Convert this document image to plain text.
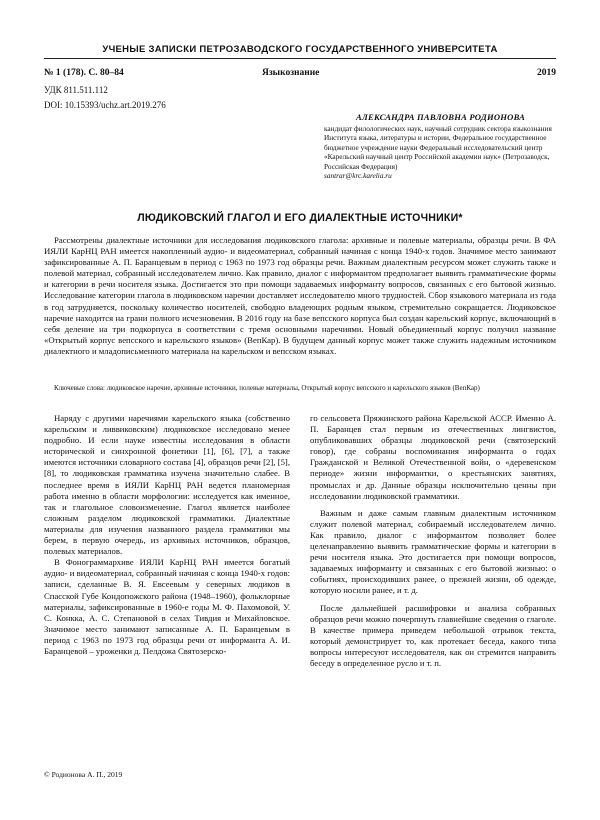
УЧЕНЫЕ ЗАПИСКИ ПЕТРОЗАВОДСКОГО ГОСУДАРСТВЕННОГО УНИВЕРСИТЕТА
№ 1 (178). С. 80–84	Языкознание	2019
УДК 811.511.112
DOI: 10.15393/uchz.art.2019.276
АЛЕКСАНДРА ПАВЛОВНА РОДИОНОВА
кандидат филологических наук, научный сотрудник сектора языкознания Института языка, литературы и истории, Федеральное государственное бюджетное учреждение науки Федеральный исследовательский центр «Карельский научный центр Российской академии наук» (Петрозаводск, Российская Федерация)
santrar@krc.karelia.ru
ЛЮДИКОВСКИЙ ГЛАГОЛ И ЕГО ДИАЛЕКТНЫЕ ИСТОЧНИКИ*
Рассмотрены диалектные источники для исследования людиковского глагола: архивные и полевые материалы, образцы речи. В ФА ИЯЛИ КарНЦ РАН имеется накопленный аудио- и видеоматериал, собранный начиная с конца 1940-х годов. Значимое место занимают зафиксированные А. П. Баранцевым в период с 1963 по 1973 год образцы речи. Важным диалектным ресурсом может служить также и полевой материал, собранный исследователем лично. Как правило, диалог с информантом предполагает выявить грамматические формы и категории в речи носителя языка. Достигается это при помощи задаваемых информанту вопросов, связанных с его бытовой жизнью. Исследование категории глагола в людиковском наречии доставляет исследователю много трудностей. Сбор языкового материала из года в год затрудняется, поскольку количество носителей, свободно владеющих родным языком, стремительно сокращается. Людиковское наречие находится на грани полного исчезновения. В 2016 году на базе вепсского корпуса был создан карельский корпус, включающий в себя деление на три подкорпуса в соответствии с тремя основными наречиями. Новый объединенный корпус получил название «Открытый корпус вепсского и карельского языков» (ВепКар). В будущем данный корпус может также служить надежным источником диалектного и младописьменного материала на карельском и вепсском языках.
Ключевые слова: людиковское наречие, архивные источники, полевые материалы, Открытый корпус вепсского и карельского языков (ВепКар)

Наряду с другими наречиями карельского языка (собственно карельским и ливвиковским) людиковское исследовано менее подробно. И если науке известны исследования в области исторической и синхронной фонетики [1], [6], [7], а также имеются источники словарного состава [4], образцов речи [2], [5], [8], то людиковская грамматика изучена значительно слабее. В последнее время в ИЯЛИ КарНЦ РАН ведется планомерная работа именно в области морфологии: исследуется как именное, так и глагольное словоизменение. Глагол является наиболее сложным разделом людиковской грамматики. Диалектные материалы для изучения названного раздела грамматики мы берем, в первую очередь, из архивных источников, образцов, полевых материалов.

В Фонограммархиве ИЯЛИ КарНЦ РАН имеется богатый аудио- и видеоматериал, собранный начиная с конца 1940-х годов: записи, сделанные В. Я. Евсеевым у северных людиков в Спасской Губе Кондопожского района (1948–1960), фольклорные материалы, зафиксированные в 1960-е годы М. Ф. Пахомовой, У. С. Конкка, А. С. Степановой в селах Тивдия и Михайловское. Значимое место занимают записанные А. П. Баранцевым в период с 1963 по 1973 год образцы речи от информанта А. И. Баранцевой – уроженки д. Пелдожа Святозерско-

го сельсовета Пряжинского района Карельской АССР. Именно А. П. Баранцев стал первым из отечественных лингвистов, опубликовавших образцы людиковской речи (святозерский говор), где собраны воспоминания информанта о годах Гражданской и Великой Отечественной войн, о «деревенском периоде» жизни информантки, о крестьянских занятиях, промыслах и др. Данные образцы исключительно ценны при исследовании людиковской грамматики.

Важным и даже самым главным диалектным источником служит полевой материал, собираемый исследователем лично. Как правило, диалог с информантом позволяет более целенаправленно выявить грамматические формы и категории в речи носителя языка. Это достигается при помощи вопросов, задаваемых информанту и связанных с его бытовой жизнью: о событиях, происходивших ранее, о прежней жизни, об одежде, которую носили ранее, и т. д.

После дальнейшей расшифровки и анализа собранных образцов речи можно почерпнуть главнейшие сведения о глаголе. В качестве примера приведем небольшой отрывок текста, который демонстрирует то, как протекает беседа, какого типа вопросы интересуют исследователя, как он стремится направить беседу в определенное русло и т. п.

© Родионова А. П., 2019
